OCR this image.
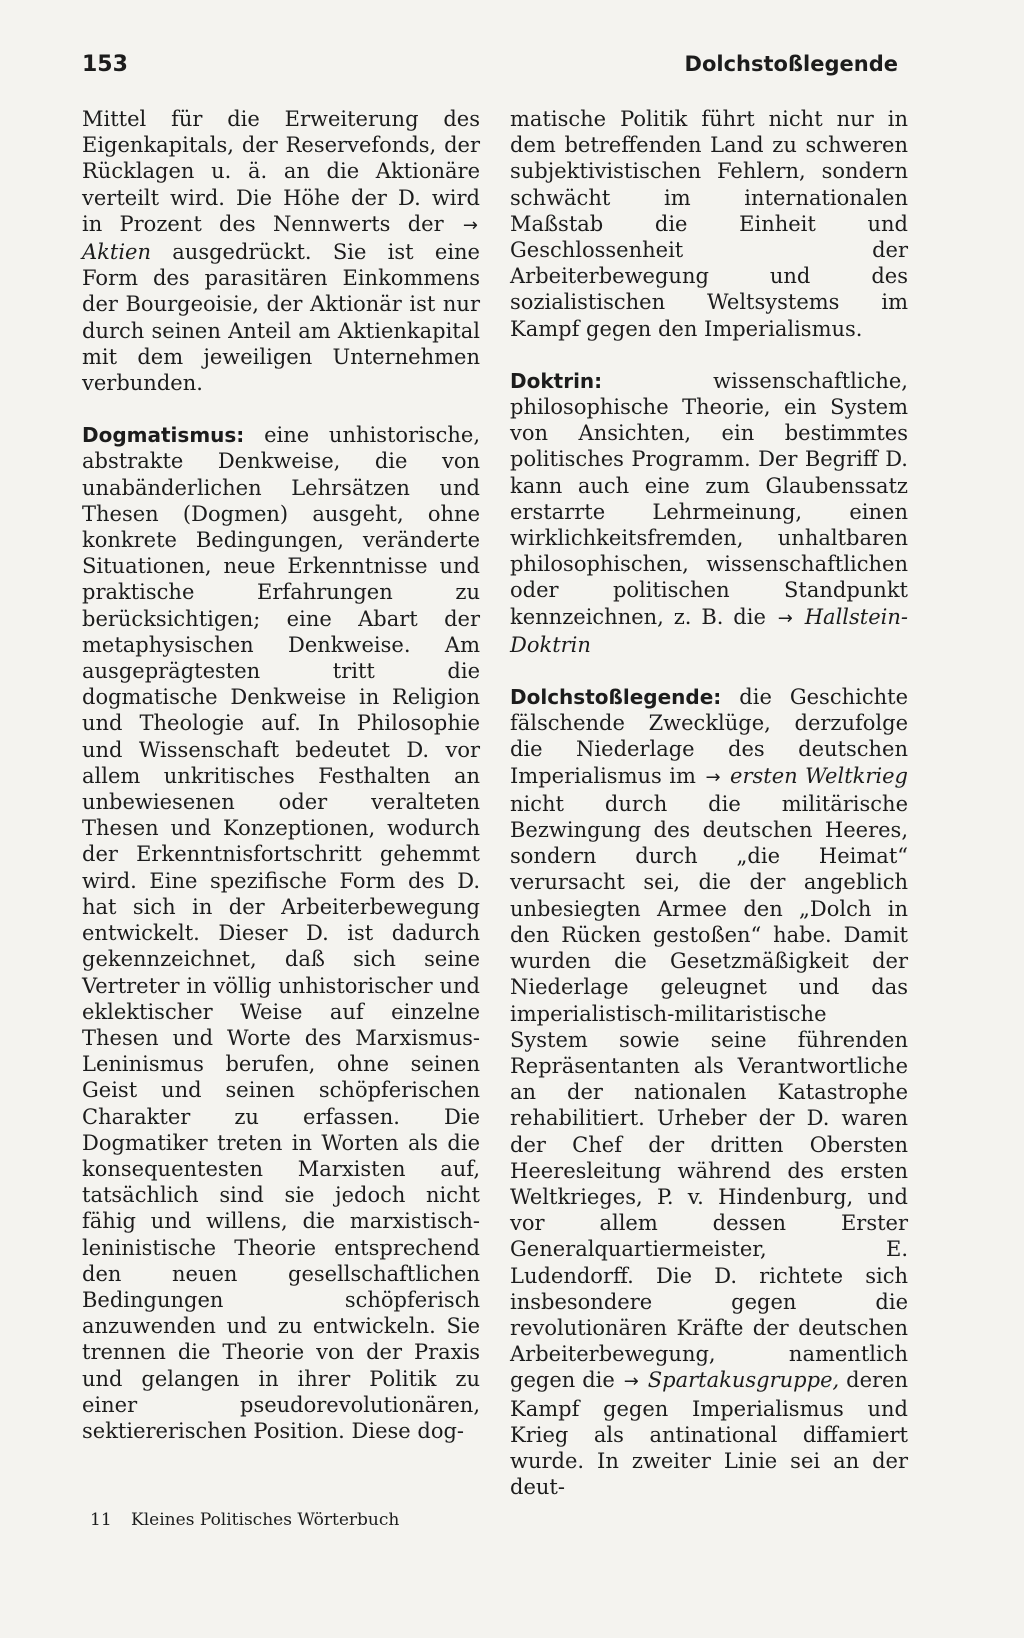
153	Dolchstoßlegende

Mittel für die Erweiterung des Eigenkapitals, der Reservefonds, der Rücklagen u. ä. an die Aktionäre verteilt wird. Die Höhe der D. wird in Prozent des Nennwerts der → Aktien ausgedrückt. Sie ist eine Form des parasitären Einkommens der Bourgeoisie, der Aktionär ist nur durch seinen Anteil am Aktienkapital mit dem jeweiligen Unternehmen verbunden.

Dogmatismus: eine unhistorische, abstrakte Denkweise, die von unabänderlichen Lehrsätzen und Thesen (Dogmen) ausgeht, ohne konkrete Bedingungen, veränderte Situationen, neue Erkenntnisse und praktische Erfahrungen zu berücksichtigen; eine Abart der metaphysischen Denkweise. Am ausgeprägtesten tritt die dogmatische Denkweise in Religion und Theologie auf. In Philosophie und Wissenschaft bedeutet D. vor allem unkritisches Festhalten an unbewiesenen oder veralteten Thesen und Konzeptionen, wodurch der Erkenntnisfortschritt gehemmt wird. Eine spezifische Form des D. hat sich in der Arbeiterbewegung entwickelt. Dieser D. ist dadurch gekennzeichnet, daß sich seine Vertreter in völlig unhistorischer und eklektischer Weise auf einzelne Thesen und Worte des Marxismus-Leninismus berufen, ohne seinen Geist und seinen schöpferischen Charakter zu erfassen. Die Dogmatiker treten in Worten als die konsequentesten Marxisten auf, tatsächlich sind sie jedoch nicht fähig und willens, die marxistisch-leninistische Theorie entsprechend den neuen gesellschaftlichen Bedingungen schöpferisch anzuwenden und zu entwickeln. Sie trennen die Theorie von der Praxis und gelangen in ihrer Politik zu einer pseudorevolutionären, sektiererischen Position. Diese dog-

matische Politik führt nicht nur in dem betreffenden Land zu schweren subjektivistischen Fehlern, sondern schwächt im internationalen Maßstab die Einheit und Geschlossenheit der Arbeiterbewegung und des sozialistischen Weltsystems im Kampf gegen den Imperialismus.

Doktrin:	wissenschaftliche, philosophische Theorie, ein System von Ansichten, ein bestimmtes politisches Programm. Der Begriff D. kann auch eine zum Glaubenssatz erstarrte Lehrmeinung, einen wirklichkeitsfremden, unhaltbaren philosophischen, wissenschaftlichen oder politischen Standpunkt kennzeichnen, z. B. die → Hallstein-Doktrin

Dolchstoßlegende: die Geschichte fälschende Zwecklüge, derzufolge die Niederlage des deutschen Imperialismus im → ersten Weltkrieg nicht durch die militärische Bezwingung des deutschen Heeres, sondern durch „die Heimat“ verursacht sei, die der angeblich unbesiegten Armee den „Dolch in den Rücken gestoßen“ habe. Damit wurden die Gesetzmäßigkeit der Niederlage geleugnet und das imperialistisch-militaristische System sowie seine führenden Repräsentanten als Verantwortliche an der nationalen Katastrophe rehabilitiert. Urheber der D. waren der Chef der dritten Obersten Heeresleitung während des ersten Weltkrieges, P. v. Hindenburg, und vor allem dessen Erster Generalquartiermeister, E. Ludendorff. Die D. richtete sich insbesondere gegen die revolutionären Kräfte der deutschen Arbeiterbewegung, namentlich gegen die → Spartakusgruppe, deren Kampf gegen Imperialismus und Krieg als antinational diffamiert wurde. In zweiter Linie sei an der deut-

11 Kleines Politisches Wörterbuch
